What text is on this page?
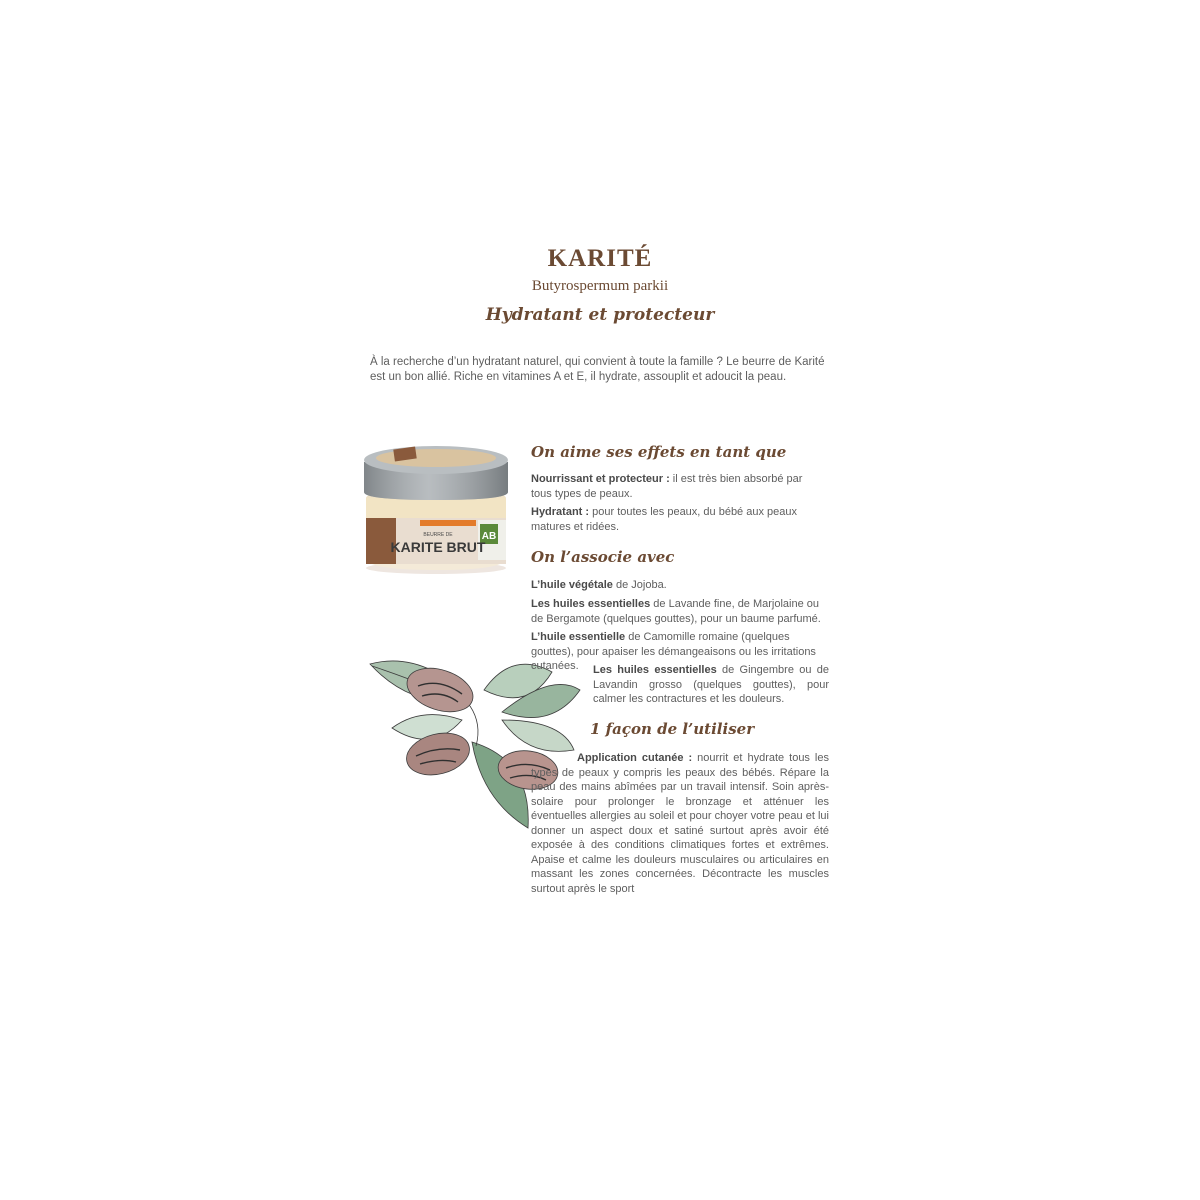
KARITÉ
Butyrospermum parkii
Hydratant et protecteur
À la recherche d’un hydratant naturel, qui convient à toute la famille ? Le beurre de Karité est un bon allié. Riche en vitamines A et E, il hydrate, assouplit et adoucit la peau.
AB
BEURRE DE
KARITE BRUT
On aime ses effets en tant que
Nourrissant et protecteur : il est très bien absorbé par tous types de peaux.
Hydratant : pour toutes les peaux, du bébé aux peaux matures et ridées.
On l’associe avec
L’huile végétale de Jojoba.
Les huiles essentielles de Lavande fine, de Marjolaine ou de Bergamote (quelques gouttes), pour un baume parfumé.
L’huile essentielle de Camomille romaine (quelques gouttes), pour apaiser les démangeaisons ou les irritations cutanées.	Les huiles essentielles de Gingembre ou de Lavandin grosso (quelques gouttes), pour calmer les contractures et les douleurs.
1 façon de l’utiliser
Application cutanée : nourrit et hydrate tous les types de peaux y compris les peaux des bébés. Répare la peau des mains abîmées par un travail intensif. Soin après-solaire pour prolonger le bronzage et atténuer les éventuelles allergies au soleil et pour choyer votre peau et lui donner un aspect doux et satiné surtout après avoir été exposée à des conditions climatiques fortes et extrêmes. Apaise et calme les douleurs musculaires ou articulaires en massant les zones concernées. Décontracte les muscles surtout après le sport
